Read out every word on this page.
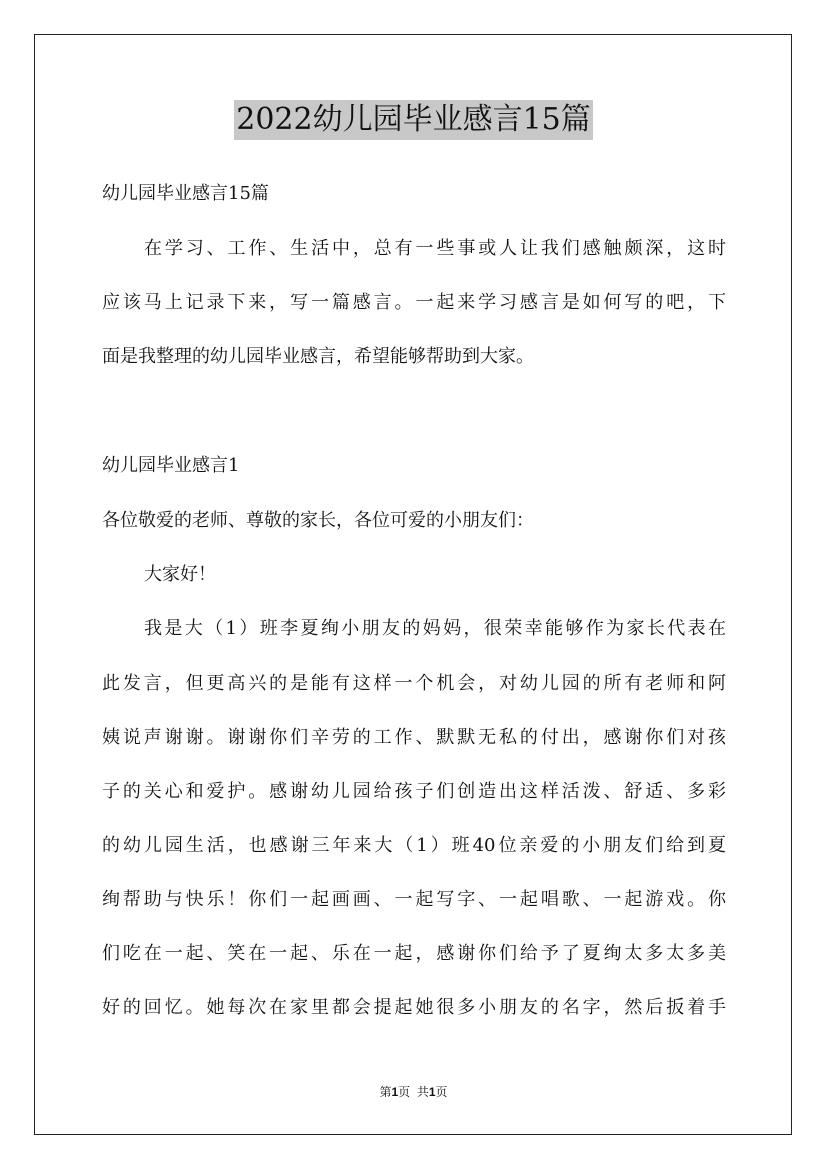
2022幼儿园毕业感言15篇
幼儿园毕业感言15篇
在学习、工作、生活中，总有一些事或人让我们感触颇深，这时
应该马上记录下来，写一篇感言。一起来学习感言是如何写的吧，下
面是我整理的幼儿园毕业感言，希望能够帮助到大家。
幼儿园毕业感言1
各位敬爱的老师、尊敬的家长，各位可爱的小朋友们：
大家好！
我是大（1）班李夏绚小朋友的妈妈，很荣幸能够作为家长代表在
此发言，但更高兴的是能有这样一个机会，对幼儿园的所有老师和阿
姨说声谢谢。谢谢你们辛劳的工作、默默无私的付出，感谢你们对孩
子的关心和爱护。感谢幼儿园给孩子们创造出这样活泼、舒适、多彩
的幼儿园生活，也感谢三年来大（1）班40位亲爱的小朋友们给到夏
绚帮助与快乐！你们一起画画、一起写字、一起唱歌、一起游戏。你
们吃在一起、笑在一起、乐在一起，感谢你们给予了夏绚太多太多美
好的回忆。她每次在家里都会提起她很多小朋友的名字，然后扳着手
第1页 共1页
